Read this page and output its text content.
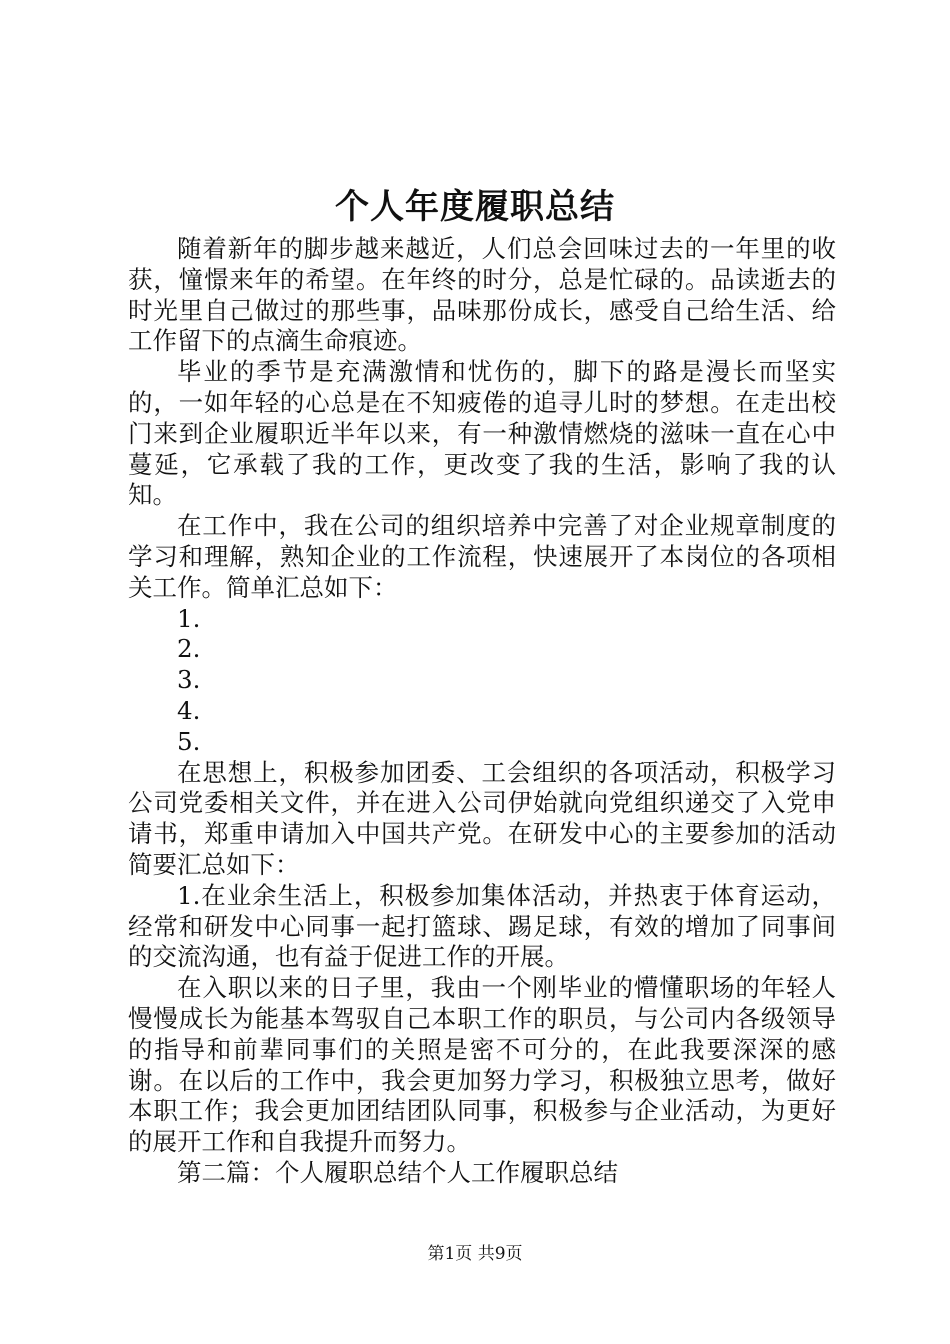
个人年度履职总结

随着新年的脚步越来越近，人们总会回味过去的一年里的收获，憧憬来年的希望。在年终的时分，总是忙碌的。品读逝去的时光里自己做过的那些事，品味那份成长，感受自己给生活、给工作留下的点滴生命痕迹。

毕业的季节是充满激情和忧伤的，脚下的路是漫长而坚实的，一如年轻的心总是在不知疲倦的追寻儿时的梦想。在走出校门来到企业履职近半年以来，有一种激情燃烧的滋味一直在心中蔓延，它承载了我的工作，更改变了我的生活，影响了我的认知。

在工作中，我在公司的组织培养中完善了对企业规章制度的学习和理解，熟知企业的工作流程，快速展开了本岗位的各项相关工作。简单汇总如下：

1.

2.

3.

4.

5.

在思想上，积极参加团委、工会组织的各项活动，积极学习公司党委相关文件，并在进入公司伊始就向党组织递交了入党申请书，郑重申请加入中国共产党。在研发中心的主要参加的活动简要汇总如下：

1.在业余生活上，积极参加集体活动，并热衷于体育运动，经常和研发中心同事一起打篮球、踢足球，有效的增加了同事间的交流沟通，也有益于促进工作的开展。

在入职以来的日子里，我由一个刚毕业的懵懂职场的年轻人慢慢成长为能基本驾驭自己本职工作的职员，与公司内各级领导的指导和前辈同事们的关照是密不可分的，在此我要深深的感谢。在以后的工作中，我会更加努力学习，积极独立思考，做好本职工作；我会更加团结团队同事，积极参与企业活动，为更好的展开工作和自我提升而努力。

第二篇：个人履职总结个人工作履职总结

第1页 共9页
